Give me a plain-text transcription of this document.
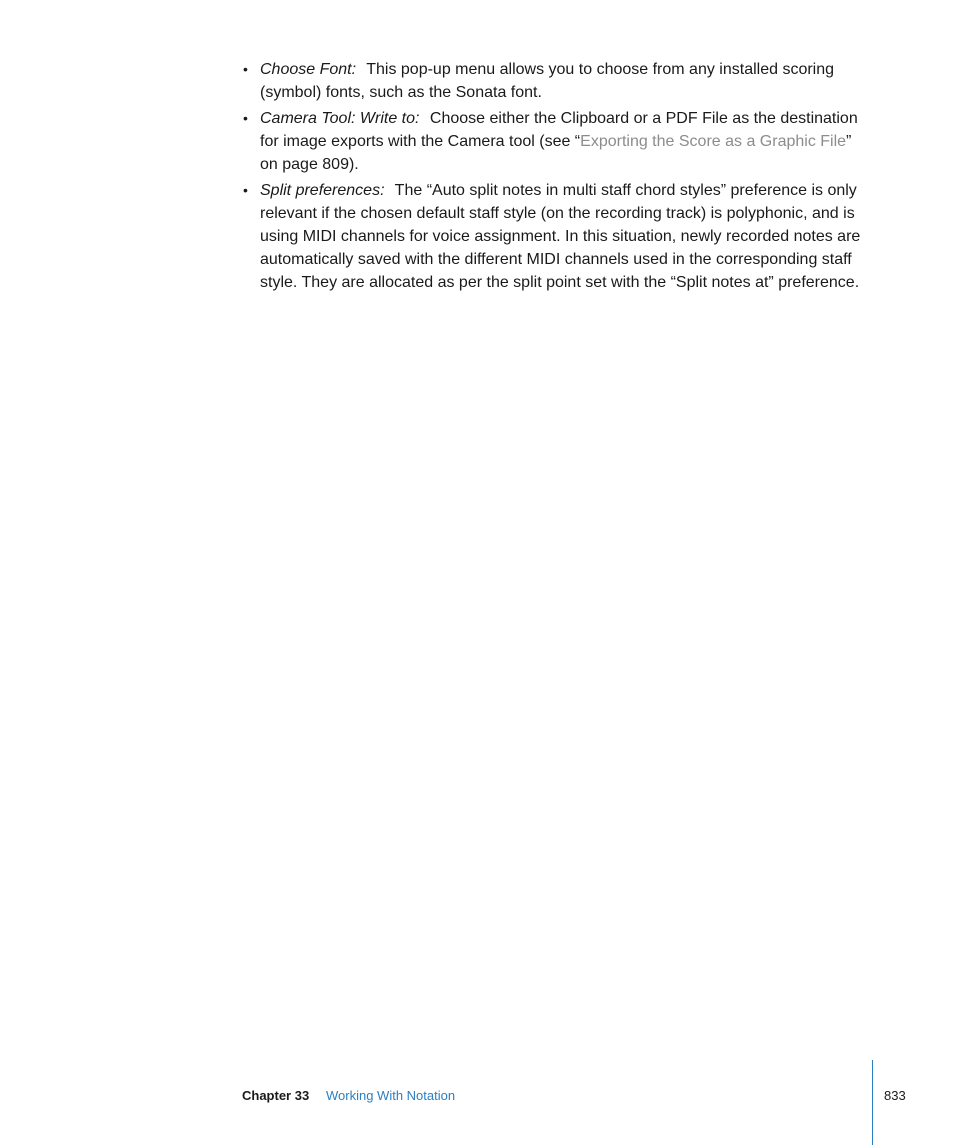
• Choose Font: This pop-up menu allows you to choose from any installed scoring (symbol) fonts, such as the Sonata font.
• Camera Tool: Write to: Choose either the Clipboard or a PDF File as the destination for image exports with the Camera tool (see “Exporting the Score as a Graphic File” on page 809).
• Split preferences: The “Auto split notes in multi staff chord styles” preference is only relevant if the chosen default staff style (on the recording track) is polyphonic, and is using MIDI channels for voice assignment. In this situation, newly recorded notes are automatically saved with the different MIDI channels used in the corresponding staff style. They are allocated as per the split point set with the “Split notes at” preference.
Chapter 33 Working With Notation	833
